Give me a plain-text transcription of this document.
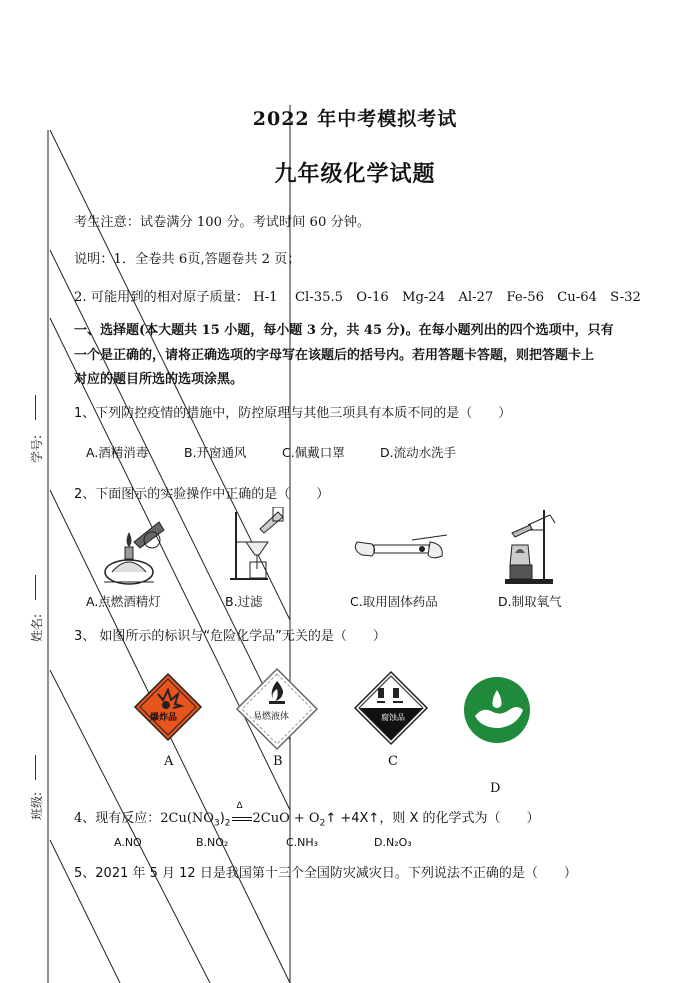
学号:
姓名:
班级:
2022 年中考模拟考试
九年级化学试题
考生注意：试卷满分 100 分。考试时间 60 分钟。
说明：1．全卷共 6页,答题卷共 2 页；
2. 可能用到的相对原子质量： H-1　 Cl-35.5　O-16　Mg-24　Al-27　Fe-56　Cu-64　S-32
一、选择题(本大题共 15 小题，每小题 3 分，共 45 分)。在每小题列出的四个选项中，只有
一个是正确的，请将正确选项的字母写在该题后的括号内。若用答题卡答题，则把答题卡上
对应的题目所选的选项涂黑。
1、下列防控疫情的措施中，防控原理与其他三项具有本质不同的是（　　）
A.酒精消毒	B.开窗通风	C.佩戴口罩	D.流动水洗手
2、下面图示的实验操作中正确的是（　　）
A.点燃酒精灯	B.过滤	C.取用固体药品	D.制取氧气
3、 如图所示的标识与“危险化学品”无关的是（　　）
爆炸品	易燃液体	腐蚀品
A	B	C
D
4、现有反应：$2Cu(NO_3)_2$
Δ
$2CuO + O_2↑$ +4X↑，则 X 的化学式为（　　）
A.NO	B.NO₂	C.NH₃	D.N₂O₃
5、2021 年 5 月 12 日是我国第十三个全国防灾减灾日。下列说法不正确的是（　　）
